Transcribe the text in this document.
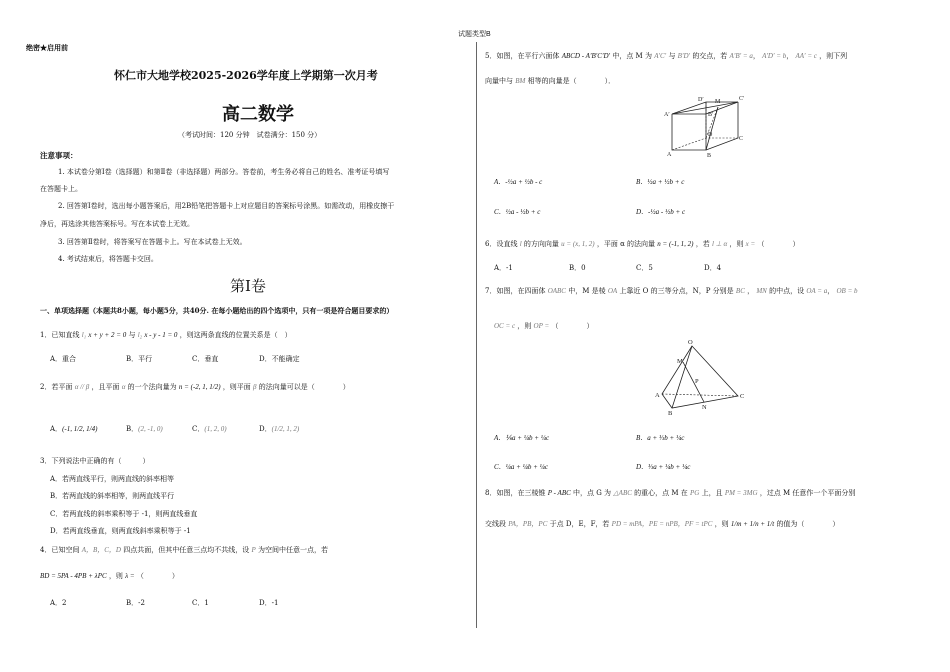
试题类型B
绝密★启用前
怀仁市大地学校2025-2026学年度上学期第一次月考
高二数学
（考试时间：120 分钟　试卷满分：150 分）
注意事项：
1. 本试卷分第Ⅰ卷（选择题）和第Ⅱ卷（非选择题）两部分。答卷前，考生务必将自己的姓名、准考证号填写
在答题卡上。
2. 回答第Ⅰ卷时，选出每小题答案后，用2B铅笔把答题卡上对应题目的答案标号涂黑。如需改动，用橡皮擦干
净后，再选涂其他答案标号。写在本试卷上无效。
3. 回答第Ⅱ卷时，将答案写在答题卡上。写在本试卷上无效。
4. 考试结束后，将答题卡交回。
第Ⅰ卷
一、单项选择题（本题共8小题，每小题5分，共40分. 在每小题给出的四个选项中，只有一项是符合题目要求的）
1．已知直线 l₁ x + y + 2 = 0 与 l₂ x - y - 1 = 0 ，则这两条直线的位置关系是（　）
A．重合	B．平行	C．垂直	D．不能确定
2．若平面 α // β ，且平面 α 的一个法向量为 n = (-2, 1, 1/2) ，则平面 β 的法向量可以是（　　　　）
A．(-1, 1/2, 1/4)	B．(2, -1, 0)	C．(1, 2, 0)	D．(1/2, 1, 2)
3．下列说法中正确的有（　　　）
A．若两直线平行，则两直线的斜率相等
B．若两直线的斜率相等，则两直线平行
C．若两直线的斜率乘积等于 -1，则两直线垂直
D．若两直线垂直，则两直线斜率乘积等于 -1
4．已知空间 A，B，C，D 四点共面，但其中任意三点均不共线，设 P 为空间中任意一点，若
BD = 5PA - 4PB + λPC ，则 λ = （　　　　）
A．2	B．-2	C．1	D．-1
5．如图，在平行六面体 ABCD - A′B′C′D′ 中，点 M 为 A′C′ 与 B′D′ 的交点，若 A′B′ = a， A′D′ = b， AA′ = c ，则下列
向量中与 BM 相等的向量是（　　　　）．
D′ M	C′
A′	B′
D
C
A	B
A．-½a + ½b - c	B．½a + ½b + c
C．½a - ½b + c	D．-½a - ½b + c
6．设直线 l 的方向向量 u = (x, 1, 2) ，平面 α 的法向量 n = (-1, 1, 2) ，若 l ⊥ α ，则 x = （　　　　）
A．-1	B．0	C．5	D．4
7．如图，在四面体 OABC 中，M 是棱 OA 上靠近 O 的三等分点，N，P 分别是 BC ， MN 的中点，设 OA = a， OB = b
OC = c ，则 OP = （　　　　）
O
M
P
A	C
N
B
A．⅙a + ¼b + ¼c	B．a + ⅓b + ¼c
C．¼a + ¼b + ¼c	D．⅓a + ¼b + ¼c
8．如图，在三棱锥 P - ABC 中，点 G 为 △ABC 的重心，点 M 在 PG 上，且 PM = 3MG ，过点 M 任意作一个平面分别
交线段 PA，PB，PC 于点 D，E，F，若 PD = mPA，PE = nPB，PF = tPC ，则 1/m + 1/n + 1/t 的值为（　　　　）
